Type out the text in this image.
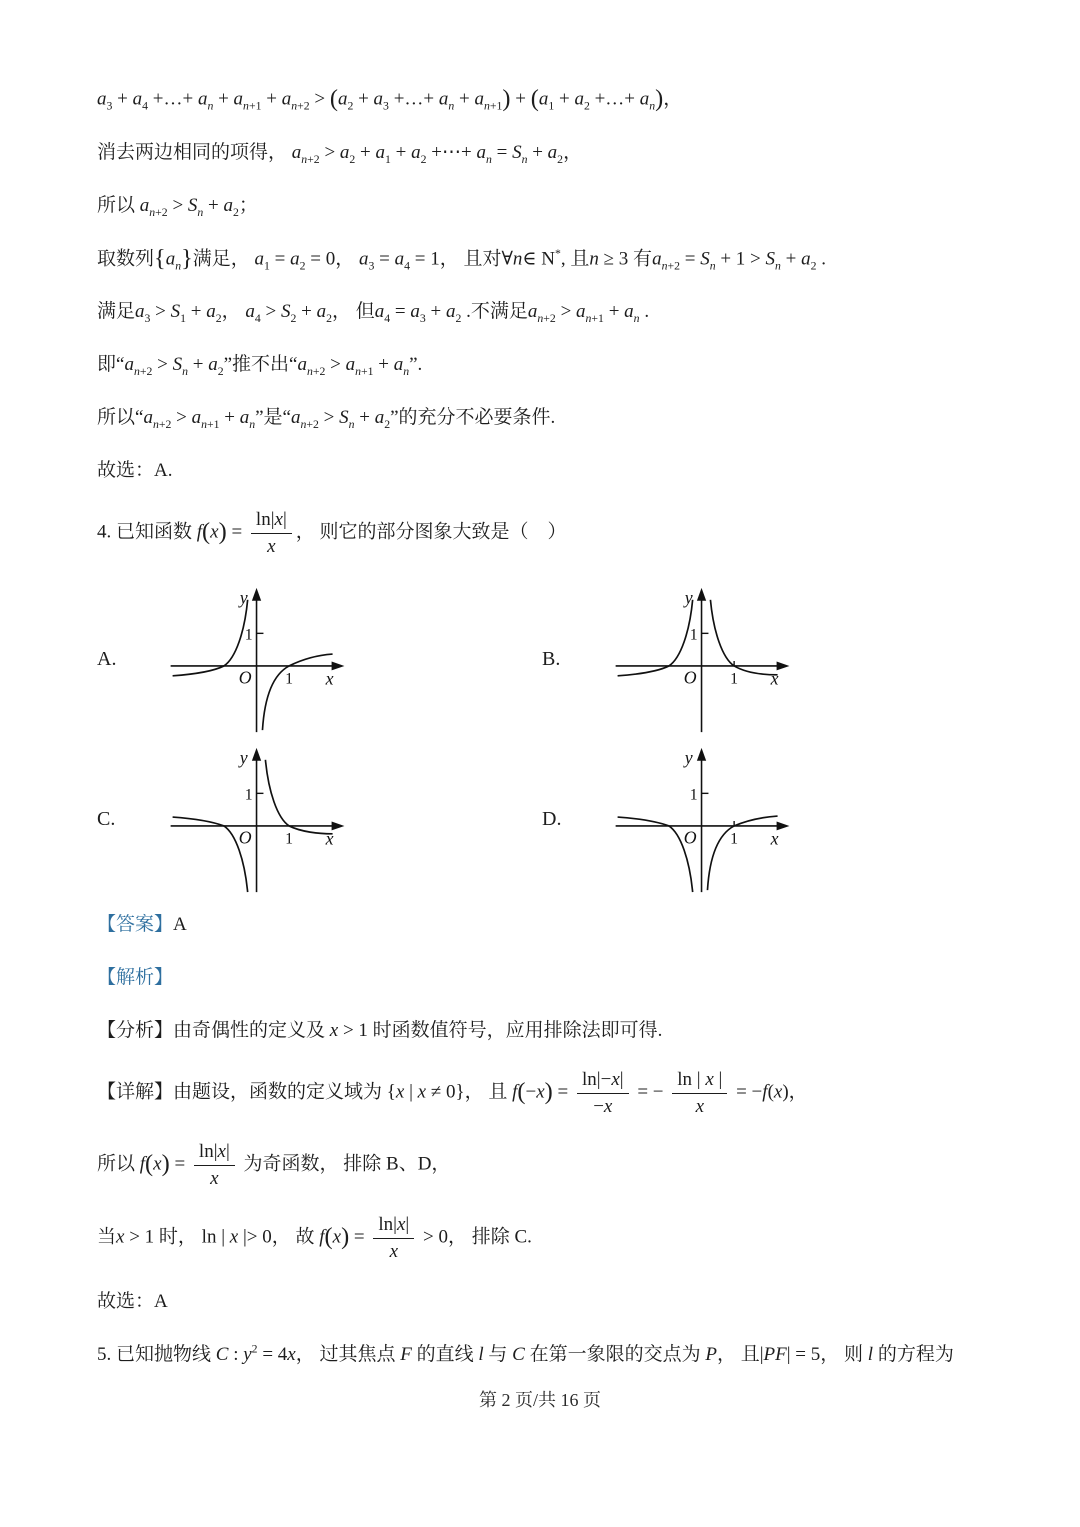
$a_3 + a_4$ +…+ $a_n + a_{n+1} + a_{n+2} > (a_2 + a_3$ +…+ $a_n + a_{n+1}) + (a_1 + a_2$ +…+ $a_n$)，

消去两边相同的项得， $a_{n+2} > a_2 + a_1 + a_2$ +⋯+ $a_n = S_n + a_2$，

所以 $a_{n+2} > S_n + a_2$；

取数列$\{a_n\}$满足， $a_1 = a_2 = 0$， $a_3 = a_4 = 1$， 且对∀n∈ N*, 且n ≥ 3 有$a_{n+2} = S_n + 1 > S_n + a_2$ .

满足$a_3 > S_1 + a_2$， $a_4 > S_2 + a_2$， 但$a_4 = a_3 + a_2$ .不满足$a_{n+2} > a_{n+1} + a_n$ .

即“$a_{n+2} > S_n + a_2$”推不出“$a_{n+2} > a_{n+1} + a_n$”.

所以“$a_{n+2} > a_{n+1} + a_n$”是“$a_{n+2} > S_n + a_2$”的充分不必要条件.

故选：A.

4. 已知函数 $f(x) = \frac{\ln|x|}{x}$ ， 则它的部分图象大致是（　）

A.
y
x
O
1
1
B.
y
x
O
1
1
C.
y
x
O
1
1
D.
y
x
O
1
1

【答案】A

【解析】

【分析】由奇偶性的定义及 x > 1 时函数值符号，应用排除法即可得.

【详解】由题设，函数的定义域为 {x | x ≠ 0}， 且 $f(-x) = \frac{\ln|-x|}{-x}$ = − $\frac{\ln | x |}{x} = -f(x)$，

所以 $f(x) = \frac{\ln|x|}{x}$ 为奇函数， 排除 B、D，

当x > 1 时， ln | x |> 0， 故 $f(x) = \frac{\ln|x|}{x} > 0$， 排除 C.

故选：A

5. 已知抛物线 C : $y^2 = 4x$， 过其焦点 F 的直线 l 与 C 在第一象限的交点为 P， 且|PF| = 5， 则 l 的方程为

第 2 页/共 16 页
